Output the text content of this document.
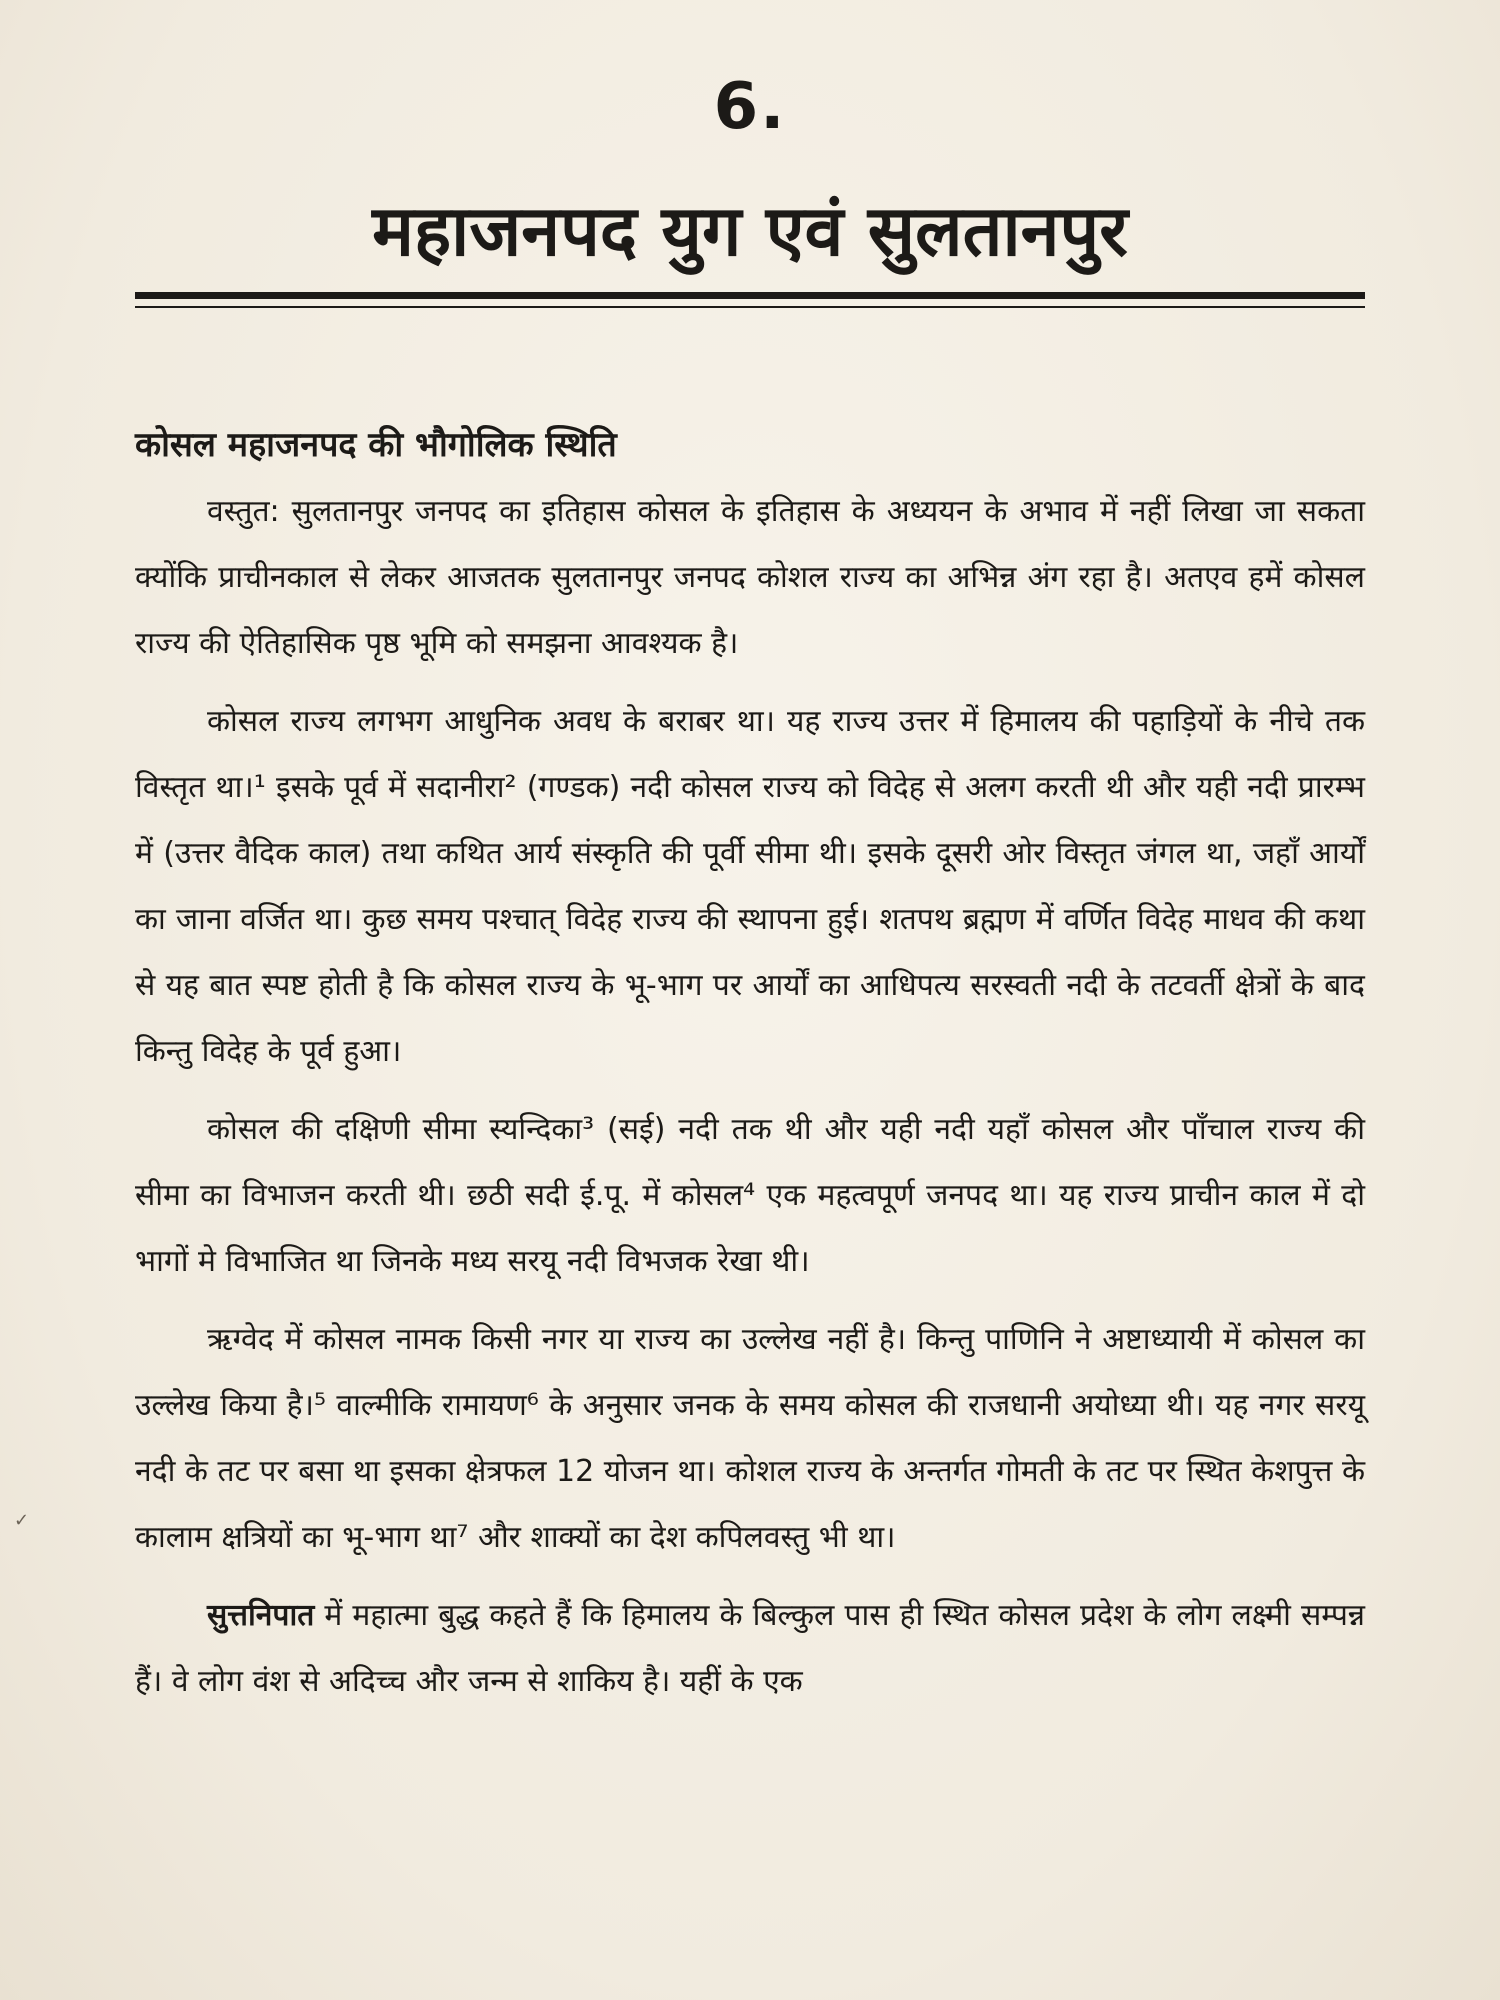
6.
महाजनपद युग एवं सुलतानपुर
कोसल महाजनपद की भौगोलिक स्थिति

वस्तुत: सुलतानपुर जनपद का इतिहास कोसल के इतिहास के अध्ययन के अभाव में नहीं लिखा जा सकता क्योंकि प्राचीनकाल से लेकर आजतक सुलतानपुर जनपद कोशल राज्य का अभिन्न अंग रहा है। अतएव हमें कोसल राज्य की ऐतिहासिक पृष्ठ भूमि को समझना आवश्यक है।

कोसल राज्य लगभग आधुनिक अवध के बराबर था। यह राज्य उत्तर में हिमालय की पहाड़ियों के नीचे तक विस्तृत था।¹ इसके पूर्व में सदानीरा² (गण्डक) नदी कोसल राज्य को विदेह से अलग करती थी और यही नदी प्रारम्भ में (उत्तर वैदिक काल) तथा कथित आर्य संस्कृति की पूर्वी सीमा थी। इसके दूसरी ओर विस्तृत जंगल था, जहाँ आर्यों का जाना वर्जित था। कुछ समय पश्चात् विदेह राज्य की स्थापना हुई। शतपथ ब्रह्मण में वर्णित विदेह माधव की कथा से यह बात स्पष्ट होती है कि कोसल राज्य के भू-भाग पर आर्यों का आधिपत्य सरस्वती नदी के तटवर्ती क्षेत्रों के बाद किन्तु विदेह के पूर्व हुआ।

कोसल की दक्षिणी सीमा स्यन्दिका³ (सई) नदी तक थी और यही नदी यहाँ कोसल और पाँचाल राज्य की सीमा का विभाजन करती थी। छठी सदी ई.पू. में कोसल⁴ एक महत्वपूर्ण जनपद था। यह राज्य प्राचीन काल में दो भागों मे विभाजित था जिनके मध्य सरयू नदी विभजक रेखा थी।

ऋग्वेद में कोसल नामक किसी नगर या राज्य का उल्लेख नहीं है। किन्तु पाणिनि ने अष्टाध्यायी में कोसल का उल्लेख किया है।⁵ वाल्मीकि रामायण⁶ के अनुसार जनक के समय कोसल की राजधानी अयोध्या थी। यह नगर सरयू नदी के तट पर बसा था इसका क्षेत्रफल 12 योजन था। कोशल राज्य के अन्तर्गत गोमती के तट पर स्थित केशपुत्त के कालाम क्षत्रियों का भू-भाग था⁷ और शाक्यों का देश कपिलवस्तु भी था।

सुत्तनिपात में महात्मा बुद्ध कहते हैं कि हिमालय के बिल्कुल पास ही स्थित कोसल प्रदेश के लोग लक्ष्मी सम्पन्न हैं। वे लोग वंश से अदिच्च और जन्म से शाकिय है। यहीं के एक

✓
